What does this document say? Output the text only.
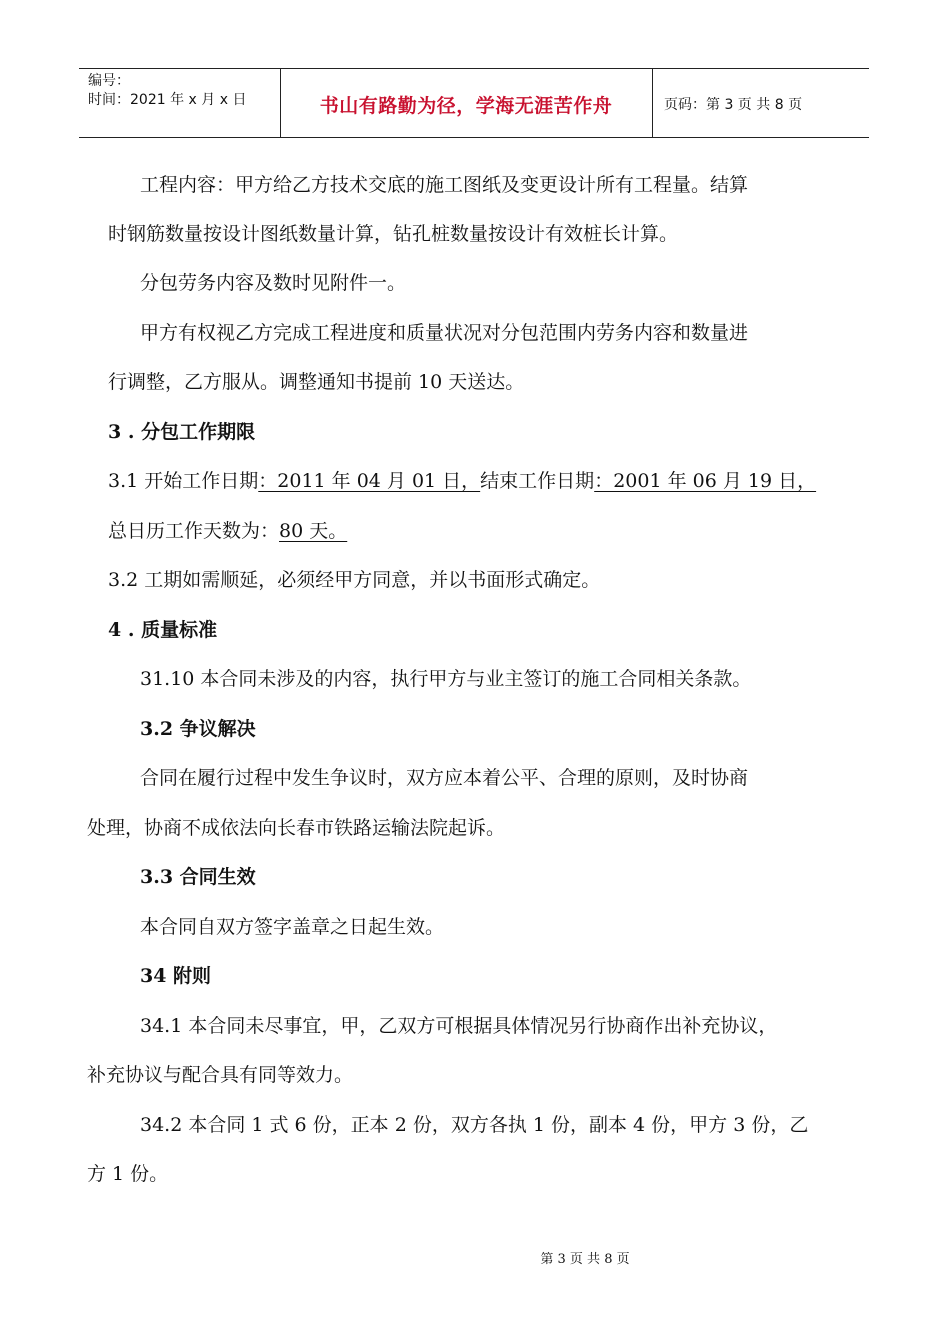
编号：
时间：2021 年 x 月 x 日	书山有路勤为径，学海无涯苦作舟	页码：第 3 页 共 8 页
工程内容：甲方给乙方技术交底的施工图纸及变更设计所有工程量。结算
时钢筋数量按设计图纸数量计算，钻孔桩数量按设计有效桩长计算。
分包劳务内容及数时见附件一。
甲方有权视乙方完成工程进度和质量状况对分包范围内劳务内容和数量进
行调整，乙方服从。调整通知书提前 10 天送达。
3 . 分包工作期限
3.1 开始工作日期：2011 年 04 月 01 日，结束工作日期：2001 年 06 月 19 日，
总日历工作天数为：80 天。
3.2 工期如需顺延，必须经甲方同意，并以书面形式确定。
4 . 质量标准
31.10 本合同未涉及的内容，执行甲方与业主签订的施工合同相关条款。
3.2 争议解决
合同在履行过程中发生争议时，双方应本着公平、合理的原则，及时协商
处理，协商不成依法向长春市铁路运输法院起诉。
3.3 合同生效
本合同自双方签字盖章之日起生效。
34 附则
34.1 本合同未尽事宜，甲，乙双方可根据具体情况另行协商作出补充协议，
补充协议与配合具有同等效力。
34.2 本合同 1 式 6 份，正本 2 份，双方各执 1 份，副本 4 份，甲方 3 份，乙
方 1 份。
第 3 页 共 8 页
